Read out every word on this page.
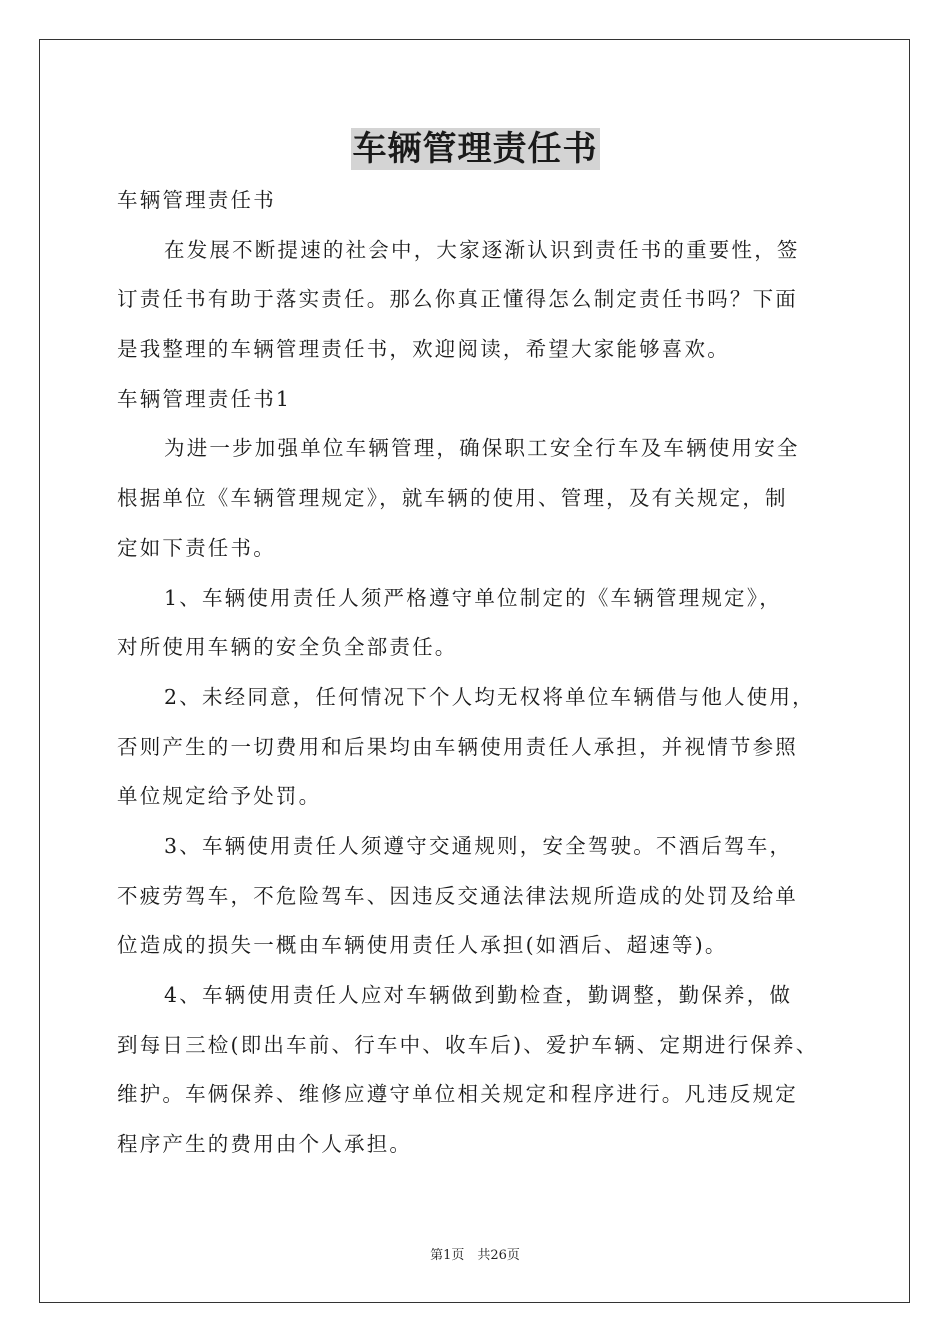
车辆管理责任书
车辆管理责任书
在发展不断提速的社会中，大家逐渐认识到责任书的重要性，签
订责任书有助于落实责任。那么你真正懂得怎么制定责任书吗？下面
是我整理的车辆管理责任书，欢迎阅读，希望大家能够喜欢。
车辆管理责任书1
为进一步加强单位车辆管理，确保职工安全行车及车辆使用安全
根据单位《车辆管理规定》，就车辆的使用、管理，及有关规定，制
定如下责任书。
1、车辆使用责任人须严格遵守单位制定的《车辆管理规定》，
对所使用车辆的安全负全部责任。
2、未经同意，任何情况下个人均无权将单位车辆借与他人使用，
否则产生的一切费用和后果均由车辆使用责任人承担，并视情节参照
单位规定给予处罚。
3、车辆使用责任人须遵守交通规则，安全驾驶。不酒后驾车，
不疲劳驾车，不危险驾车、因违反交通法律法规所造成的处罚及给单
位造成的损失一概由车辆使用责任人承担(如酒后、超速等)。
4、车辆使用责任人应对车辆做到勤检查，勤调整，勤保养，做
到每日三检(即出车前、行车中、收车后)、爱护车辆、定期进行保养、
维护。车俩保养、维修应遵守单位相关规定和程序进行。凡违反规定
程序产生的费用由个人承担。
第1页　共26页
